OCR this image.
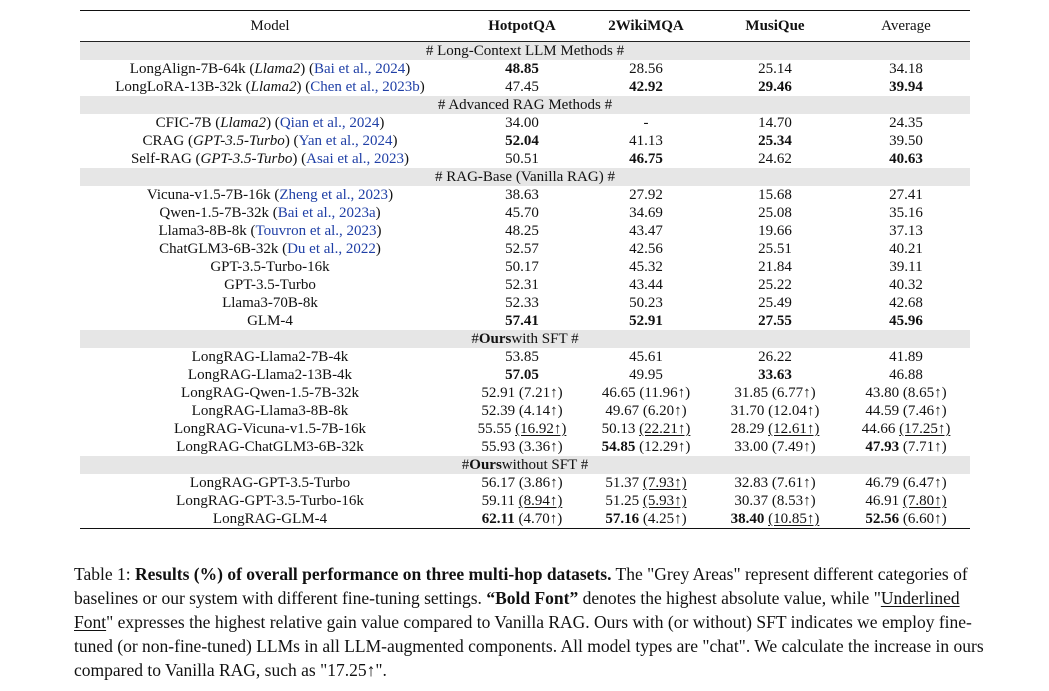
Model	HotpotQA	2WikiMQA	MusiQue	Average
# Long-Context LLM Methods #
LongAlign-7B-64k (Llama2) (Bai et al., 2024)	48.85	28.56	25.14	34.18
LongLoRA-13B-32k (Llama2) (Chen et al., 2023b)	47.45	42.92	29.46	39.94
# Advanced RAG Methods #
CFIC-7B (Llama2) (Qian et al., 2024)	34.00	-	14.70	24.35
CRAG (GPT-3.5-Turbo) (Yan et al., 2024)	52.04	41.13	25.34	39.50
Self-RAG (GPT-3.5-Turbo) (Asai et al., 2023)	50.51	46.75	24.62	40.63
# RAG-Base (Vanilla RAG) #
Vicuna-v1.5-7B-16k (Zheng et al., 2023)	38.63	27.92	15.68	27.41
Qwen-1.5-7B-32k (Bai et al., 2023a)	45.70	34.69	25.08	35.16
Llama3-8B-8k (Touvron et al., 2023)	48.25	43.47	19.66	37.13
ChatGLM3-6B-32k (Du et al., 2022)	52.57	42.56	25.51	40.21
GPT-3.5-Turbo-16k	50.17	45.32	21.84	39.11
GPT-3.5-Turbo	52.31	43.44	25.22	40.32
Llama3-70B-8k	52.33	50.23	25.49	42.68
GLM-4	57.41	52.91	27.55	45.96
# Ours with SFT #
LongRAG-Llama2-7B-4k	53.85	45.61	26.22	41.89
LongRAG-Llama2-13B-4k	57.05	49.95	33.63	46.88
LongRAG-Qwen-1.5-7B-32k	52.91 (7.21↑)	46.65 (11.96↑)	31.85 (6.77↑)	43.80 (8.65↑)
LongRAG-Llama3-8B-8k	52.39 (4.14↑)	49.67 (6.20↑)	31.70 (12.04↑)	44.59 (7.46↑)
LongRAG-Vicuna-v1.5-7B-16k	55.55 (16.92↑)	50.13 (22.21↑)	28.29 (12.61↑)	44.66 (17.25↑)
LongRAG-ChatGLM3-6B-32k	55.93 (3.36↑)	54.85 (12.29↑)	33.00 (7.49↑)	47.93 (7.71↑)
# Ours without SFT #
LongRAG-GPT-3.5-Turbo	56.17 (3.86↑)	51.37 (7.93↑)	32.83 (7.61↑)	46.79 (6.47↑)
LongRAG-GPT-3.5-Turbo-16k	59.11 (8.94↑)	51.25 (5.93↑)	30.37 (8.53↑)	46.91 (7.80↑)
LongRAG-GLM-4	62.11 (4.70↑)	57.16 (4.25↑)	38.40 (10.85↑)	52.56 (6.60↑)
Table 1: Results (%) of overall performance on three multi-hop datasets. The "Grey Areas" represent different categories of baselines or our system with different fine-tuning settings. “Bold Font” denotes the highest absolute value, while "Underlined Font" expresses the highest relative gain value compared to Vanilla RAG. Ours with (or without) SFT indicates we employ fine-tuned (or non-fine-tuned) LLMs in all LLM-augmented components. All model types are "chat". We calculate the increase in ours compared to Vanilla RAG, such as "17.25↑".
